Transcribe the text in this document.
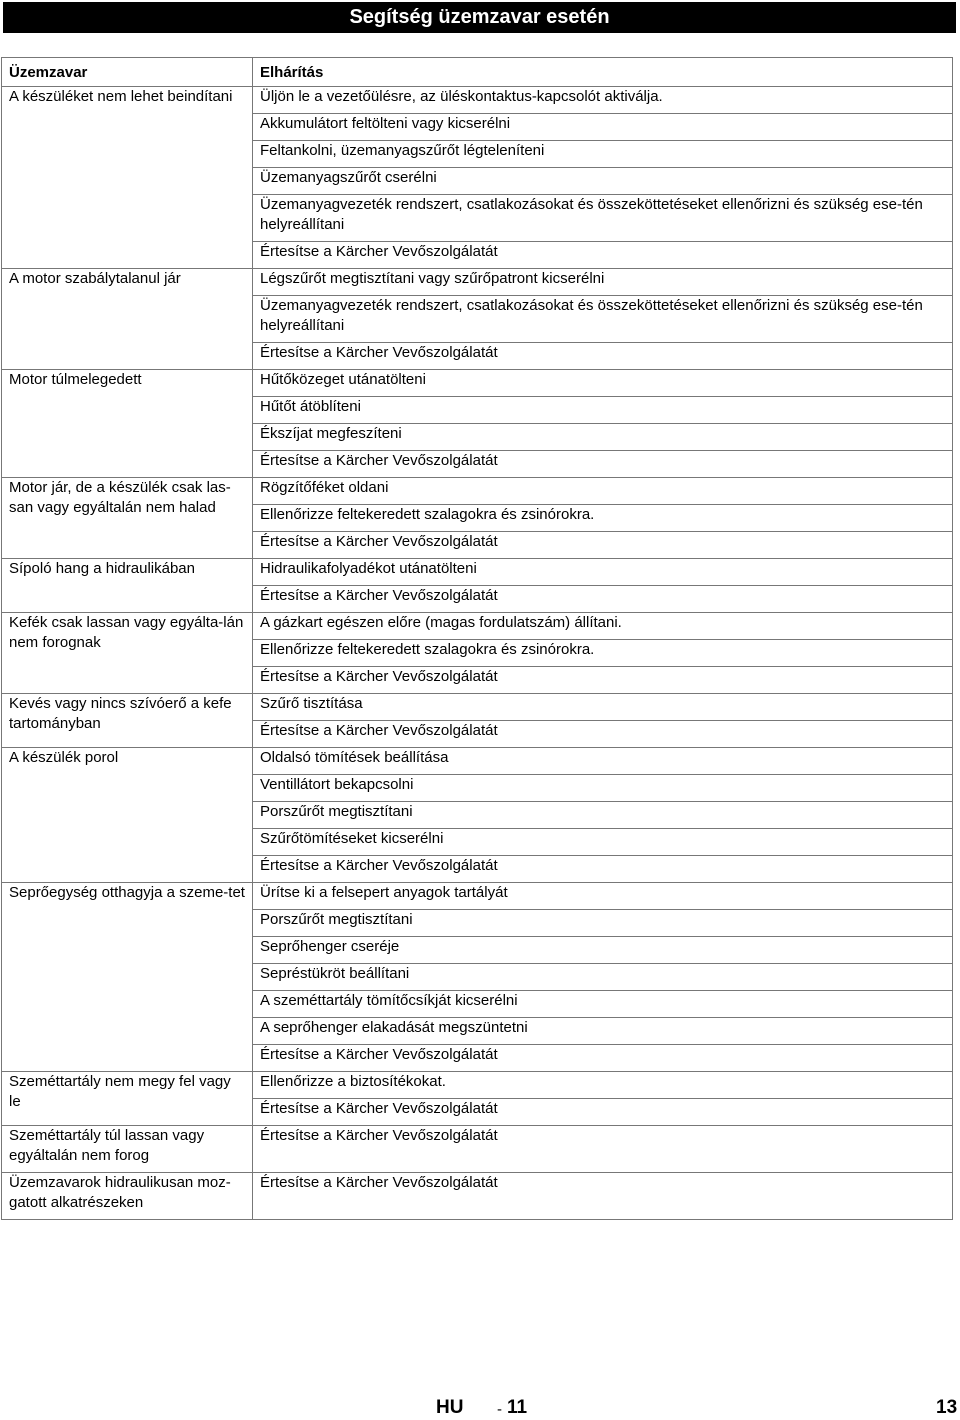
Segítség üzemzavar esetén
Üzemzavar	Elhárítás
A készüléket nem lehet beindítani	Üljön le a vezetőülésre, az üléskontaktus-kapcsolót aktiválja.
	Akkumulátort feltölteni vagy kicserélni
	Feltankolni, üzemanyagszűrőt légteleníteni
	Üzemanyagszűrőt cserélni
	Üzemanyagvezeték rendszert, csatlakozásokat és összeköttetéseket ellenőrizni és szükség ese-tén helyreállítani
	Értesítse a Kärcher Vevőszolgálatát
A motor szabálytalanul jár	Légszűrőt megtisztítani vagy szűrőpatront kicserélni
	Üzemanyagvezeték rendszert, csatlakozásokat és összeköttetéseket ellenőrizni és szükség ese-tén helyreállítani
	Értesítse a Kärcher Vevőszolgálatát
Motor túlmelegedett	Hűtőközeget utánatölteni
	Hűtőt átöblíteni
	Ékszíjat megfeszíteni
	Értesítse a Kärcher Vevőszolgálatát
Motor jár, de a készülék csak las-san vagy egyáltalán nem halad	Rögzítőféket oldani
	Ellenőrizze feltekeredett szalagokra és zsinórokra.
	Értesítse a Kärcher Vevőszolgálatát
Sípoló hang a hidraulikában	Hidraulikafolyadékot utánatölteni
	Értesítse a Kärcher Vevőszolgálatát
Kefék csak lassan vagy egyálta-lán nem forognak	A gázkart egészen előre (magas fordulatszám) állítani.
	Ellenőrizze feltekeredett szalagokra és zsinórokra.
	Értesítse a Kärcher Vevőszolgálatát
Kevés vagy nincs szívóerő a kefe tartományban	Szűrő tisztítása
	Értesítse a Kärcher Vevőszolgálatát
A készülék porol	Oldalsó tömítések beállítása
	Ventillátort bekapcsolni
	Porszűrőt megtisztítani
	Szűrőtömítéseket kicserélni
	Értesítse a Kärcher Vevőszolgálatát
Seprőegység otthagyja a szeme-tet	Ürítse ki a felsepert anyagok tartályát
	Porszűrőt megtisztítani
	Seprőhenger cseréje
	Sepréstükröt beállítani
	A szeméttartály tömítőcsíkját kicserélni
	A seprőhenger elakadását megszüntetni
	Értesítse a Kärcher Vevőszolgálatát
Szeméttartály nem megy fel vagy le	Ellenőrizze a biztosítékokat.
	Értesítse a Kärcher Vevőszolgálatát
Szeméttartály túl lassan vagy egyáltalán nem forog	Értesítse a Kärcher Vevőszolgálatát
Üzemzavarok hidraulikusan moz-gatott alkatrészeken	Értesítse a Kärcher Vevőszolgálatát
HU - 11	13
